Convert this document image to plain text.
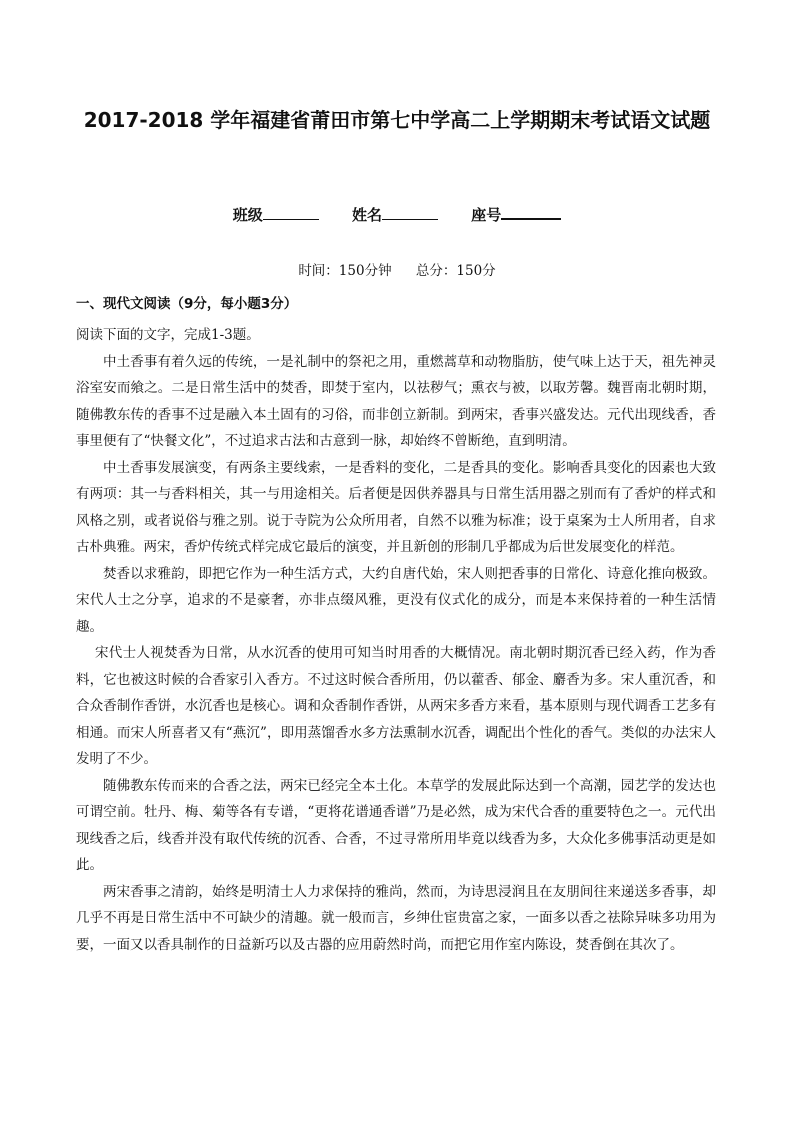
2017-2018 学年福建省莆田市第七中学高二上学期期末考试语文试题
班级	姓名	座号
时间：150分钟 总分：150分
一、现代文阅读（9分，每小题3分）

阅读下面的文字，完成1-3题。

中土香事有着久远的传统，一是礼制中的祭祀之用，重燃蒿草和动物脂肪，使气味上达于天，祖先神灵浴室安而飨之。二是日常生活中的焚香，即焚于室内，以祛秽气；熏衣与被，以取芳馨。魏晋南北朝时期，随佛教东传的香事不过是融入本土固有的习俗，而非创立新制。到两宋，香事兴盛发达。元代出现线香，香事里便有了“快餐文化”，不过追求古法和古意到一脉，却始终不曾断绝，直到明清。

中土香事发展演变，有两条主要线索，一是香料的变化，二是香具的变化。影响香具变化的因素也大致有两项：其一与香料相关，其一与用途相关。后者便是因供养器具与日常生活用器之别而有了香炉的样式和风格之别，或者说俗与雅之别。说于寺院为公众所用者，自然不以雅为标准；设于桌案为士人所用者，自求古朴典雅。两宋，香炉传统式样完成它最后的演变，并且新创的形制几乎都成为后世发展变化的样范。

焚香以求雅韵，即把它作为一种生活方式，大约自唐代始，宋人则把香事的日常化、诗意化推向极致。宋代人士之分享，追求的不是豪奢，亦非点缀风雅，更没有仪式化的成分，而是本来保持着的一种生活情趣。

宋代士人视焚香为日常，从水沉香的使用可知当时用香的大概情况。南北朝时期沉香已经入药，作为香料，它也被这时候的合香家引入香方。不过这时候合香所用，仍以藿香、郁金、麝香为多。宋人重沉香，和合众香制作香饼，水沉香也是核心。调和众香制作香饼，从两宋多香方来看，基本原则与现代调香工艺多有相通。而宋人所喜者又有“燕沉”，即用蒸馏香水多方法熏制水沉香，调配出个性化的香气。类似的办法宋人发明了不少。

随佛教东传而来的合香之法，两宋已经完全本土化。本草学的发展此际达到一个高潮，园艺学的发达也可谓空前。牡丹、梅、菊等各有专谱，“更将花谱通香谱”乃是必然，成为宋代合香的重要特色之一。元代出现线香之后，线香并没有取代传统的沉香、合香，不过寻常所用毕竟以线香为多，大众化多佛事活动更是如此。

两宋香事之清韵，始终是明清士人力求保持的雅尚，然而，为诗思浸润且在友朋间往来递送多香事，却几乎不再是日常生活中不可缺少的清趣。就一般而言，乡绅仕宦贵富之家，一面多以香之祛除异味多功用为要，一面又以香具制作的日益新巧以及古器的应用蔚然时尚，而把它用作室内陈设，焚香倒在其次了。
